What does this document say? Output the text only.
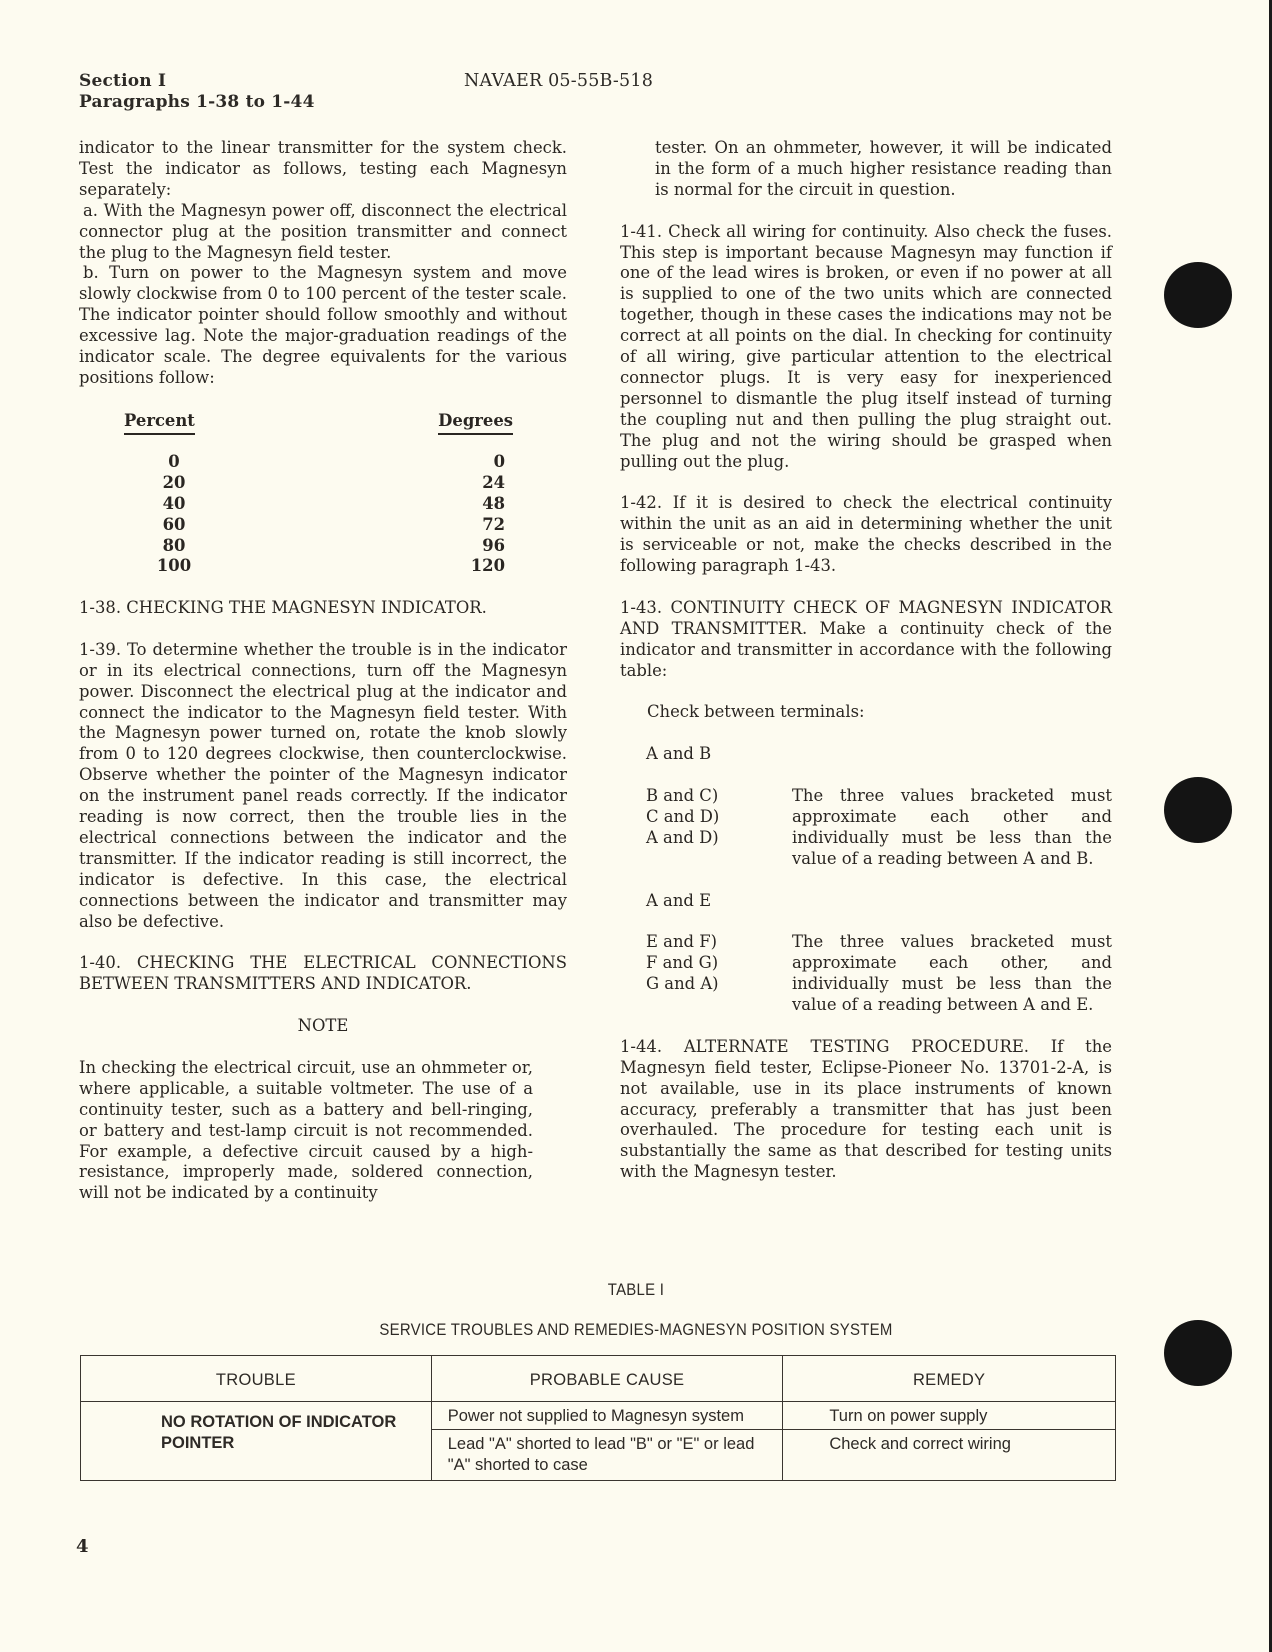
Section I
Paragraphs 1-38 to 1-44
NAVAER 05-55B-518

indicator to the linear transmitter for the system check. Test the indicator as follows, testing each Magnesyn separately:

a. With the Magnesyn power off, disconnect the electrical connector plug at the position transmitter and connect the plug to the Magnesyn field tester.

b. Turn on power to the Magnesyn system and move slowly clockwise from 0 to 100 percent of the tester scale. The indicator pointer should follow smoothly and without excessive lag. Note the major-graduation readings of the indicator scale. The degree equivalents for the various positions follow:

Percent	Degrees
0	0
20	24
40	48
60	72
80	96
100	120

1-38. CHECKING THE MAGNESYN INDICATOR.

1-39. To determine whether the trouble is in the indicator or in its electrical connections, turn off the Magnesyn power. Disconnect the electrical plug at the indicator and connect the indicator to the Magnesyn field tester. With the Magnesyn power turned on, rotate the knob slowly from 0 to 120 degrees clockwise, then counterclockwise. Observe whether the pointer of the Magnesyn indicator on the instrument panel reads correctly. If the indicator reading is now correct, then the trouble lies in the electrical connections between the indicator and the transmitter. If the indicator reading is still incorrect, the indicator is defective. In this case, the electrical connections between the indicator and transmitter may also be defective.

1-40. CHECKING THE ELECTRICAL CONNECTIONS BETWEEN TRANSMITTERS AND INDICATOR.

NOTE

In checking the electrical circuit, use an ohmmeter or, where applicable, a suitable voltmeter. The use of a continuity tester, such as a battery and bell-ringing, or battery and test-lamp circuit is not recommended. For example, a defective circuit caused by a high-resistance, improperly made, soldered connection, will not be indicated by a continuity

tester. On an ohmmeter, however, it will be indicated in the form of a much higher resistance reading than is normal for the circuit in question.

1-41. Check all wiring for continuity. Also check the fuses. This step is important because Magnesyn may function if one of the lead wires is broken, or even if no power at all is supplied to one of the two units which are connected together, though in these cases the indications may not be correct at all points on the dial. In checking for continuity of all wiring, give particular attention to the electrical connector plugs. It is very easy for inexperienced personnel to dismantle the plug itself instead of turning the coupling nut and then pulling the plug straight out. The plug and not the wiring should be grasped when pulling out the plug.

1-42. If it is desired to check the electrical continuity within the unit as an aid in determining whether the unit is serviceable or not, make the checks described in the following paragraph 1-43.

1-43. CONTINUITY CHECK OF MAGNESYN INDICATOR AND TRANSMITTER. Make a continuity check of the indicator and transmitter in accordance with the following table:

Check between terminals:

A and B
B and C)
C and D)
A and D)
The three values bracketed must approximate each other and individually must be less than the value of a reading between A and B.
A and E
E and F)
F and G)
G and A)
The three values bracketed must approximate each other, and individually must be less than the value of a reading between A and E.

1-44. ALTERNATE TESTING PROCEDURE. If the Magnesyn field tester, Eclipse-Pioneer No. 13701-2-A, is not available, use in its place instruments of known accuracy, preferably a transmitter that has just been overhauled. The procedure for testing each unit is substantially the same as that described for testing units with the Magnesyn tester.

TABLE I
SERVICE TROUBLES AND REMEDIES-MAGNESYN POSITION SYSTEM
TROUBLE	PROBABLE CAUSE	REMEDY
NO ROTATION OF INDICATOR POINTER	Power not supplied to Magnesyn system	Turn on power supply
	Lead "A" shorted to lead "B" or "E" or lead "A" shorted to case	Check and correct wiring
4
